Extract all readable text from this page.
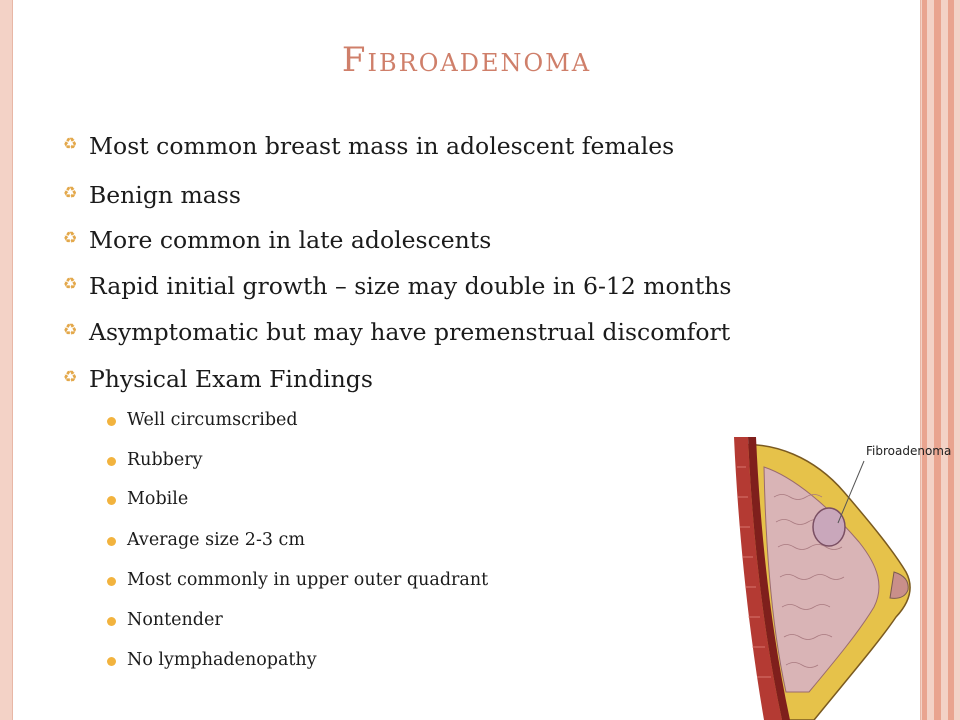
Fibroadenoma
♻ Most common breast mass in adolescent females
♻ Benign mass
♻ More common in late adolescents
♻ Rapid initial growth – size may double in 6-12 months
♻ Asymptomatic but may have premenstrual discomfort
♻ Physical Exam Findings
Well circumscribed
Rubbery
Mobile
Average size 2-3 cm
Most commonly in upper outer quadrant
Nontender
No lymphadenopathy
Fibroadenoma
